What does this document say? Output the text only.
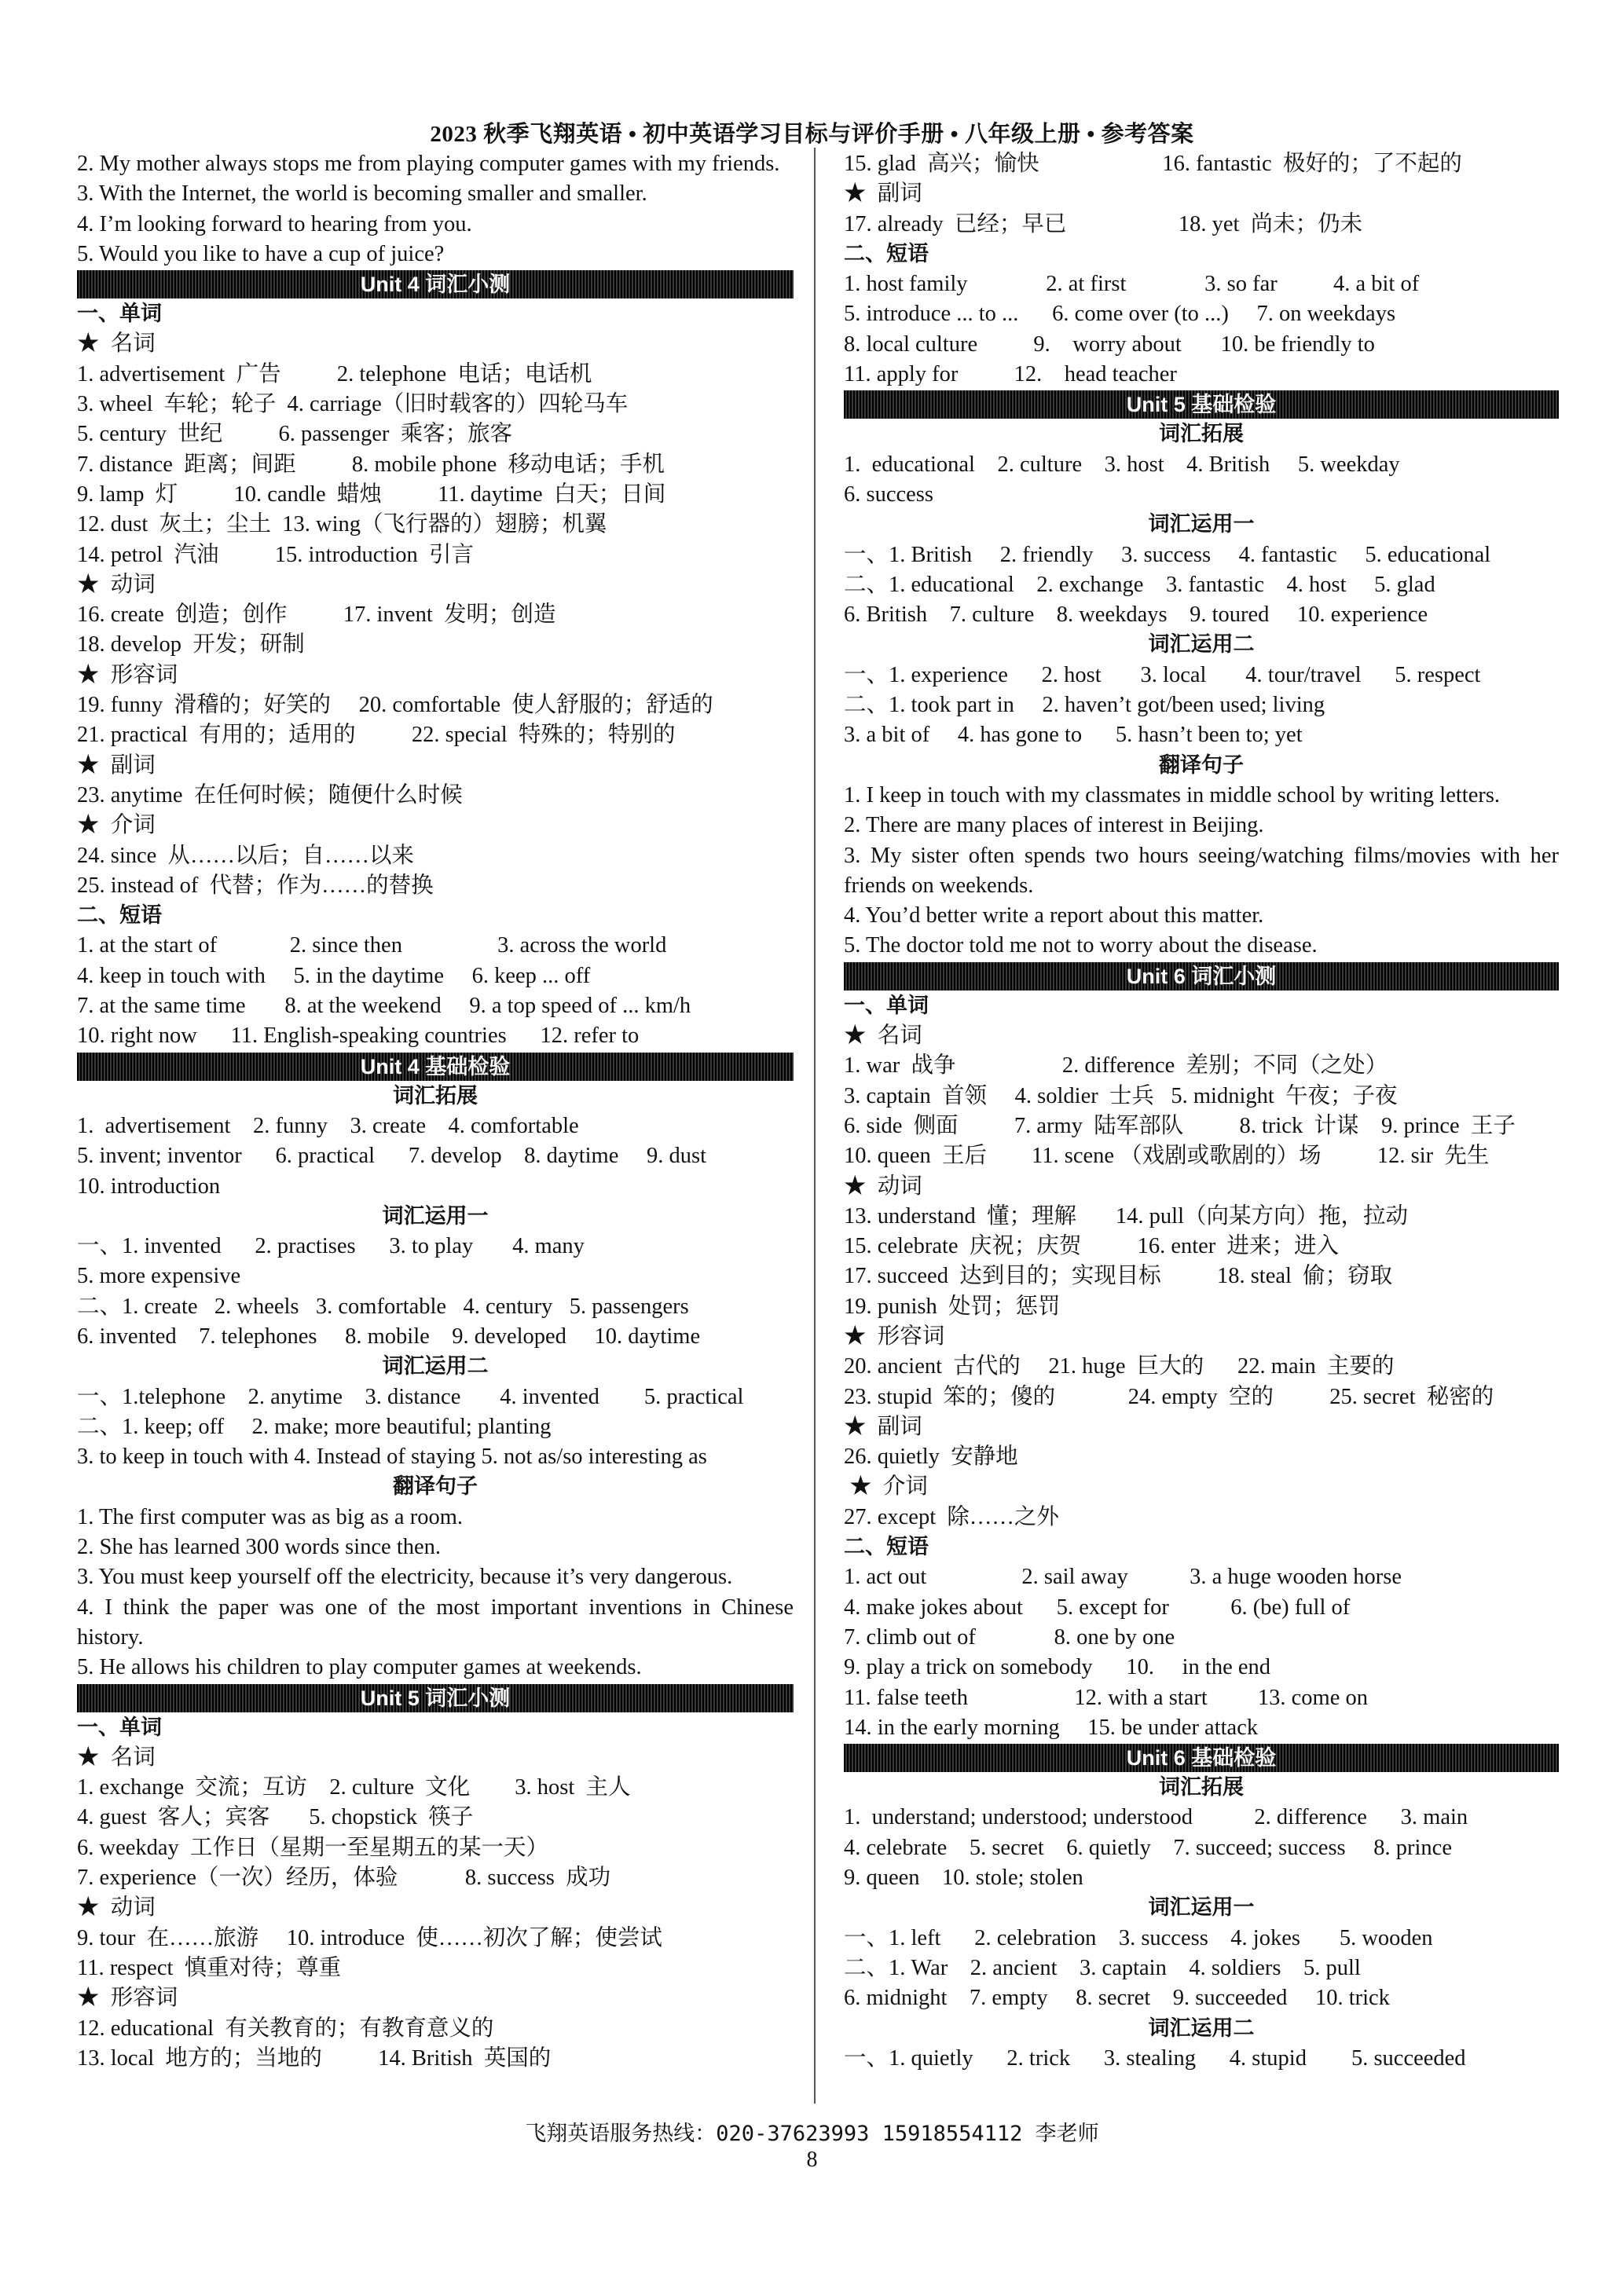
2023 秋季飞翔英语 • 初中英语学习目标与评价手册 • 八年级上册 • 参考答案
2. My mother always stops me from playing computer games with my friends.
3. With the Internet, the world is becoming smaller and smaller.
4. I’m looking forward to hearing from you.
5. Would you like to have a cup of juice?
Unit 4 词汇小测
一、单词
★  名词
1. advertisement  广告          2. telephone  电话；电话机
3. wheel  车轮；轮子  4. carriage（旧时载客的）四轮马车
5. century  世纪          6. passenger  乘客；旅客
7. distance  距离；间距          8. mobile phone  移动电话；手机
9. lamp  灯          10. candle  蜡烛          11. daytime  白天；日间
12. dust  灰土；尘土  13. wing（飞行器的）翅膀；机翼
14. petrol  汽油          15. introduction  引言
★  动词
16. create  创造；创作          17. invent  发明；创造
18. develop  开发；研制
★  形容词
19. funny  滑稽的；好笑的     20. comfortable  使人舒服的；舒适的
21. practical  有用的；适用的          22. special  特殊的；特别的
★  副词
23. anytime  在任何时候；随便什么时候
★  介词
24. since  从……以后；自……以来
25. instead of  代替；作为……的替换
二、短语
1. at the start of             2. since then                 3. across the world
4. keep in touch with     5. in the daytime     6. keep ... off
7. at the same time       8. at the weekend     9. a top speed of ... km/h
10. right now      11. English-speaking countries      12. refer to
Unit 4 基础检验
词汇拓展
1.  advertisement    2. funny    3. create    4. comfortable
5. invent; inventor      6. practical      7. develop    8. daytime     9. dust
10. introduction
词汇运用一
一、1. invented      2. practises      3. to play       4. many
5. more expensive
二、1. create   2. wheels   3. comfortable   4. century   5. passengers
6. invented    7. telephones     8. mobile    9. developed     10. daytime
词汇运用二
一、1.telephone    2. anytime    3. distance       4. invented        5. practical
二、1. keep; off     2. make; more beautiful; planting
3. to keep in touch with 4. Instead of staying 5. not as/so interesting as
翻译句子
1. The first computer was as big as a room.
2. She has learned 300 words since then.
3. You must keep yourself off the electricity, because it’s very dangerous.
4. I think the paper was one of the most important inventions in Chinese history.
5. He allows his children to play computer games at weekends.
Unit 5 词汇小测
一、单词
★  名词
1. exchange  交流；互访    2. culture  文化        3. host  主人
4. guest  客人；宾客       5. chopstick  筷子
6. weekday  工作日（星期一至星期五的某一天）
7. experience（一次）经历，体验            8. success  成功
★  动词
9. tour  在……旅游     10. introduce  使……初次了解；使尝试
11. respect  慎重对待；尊重
★  形容词
12. educational  有关教育的；有教育意义的
13. local  地方的；当地的          14. British  英国的
15. glad  高兴；愉快                      16. fantastic  极好的；了不起的
★  副词
17. already  已经；早已                    18. yet  尚未；仍未
二、短语
1. host family              2. at first              3. so far          4. a bit of
5. introduce ... to ...      6. come over (to ...)     7. on weekdays
8. local culture          9.    worry about       10. be friendly to
11. apply for          12.    head teacher
Unit 5 基础检验
词汇拓展
1.  educational    2. culture    3. host    4. British     5. weekday
6. success
词汇运用一
一、1. British     2. friendly     3. success     4. fantastic     5. educational
二、1. educational    2. exchange    3. fantastic    4. host     5. glad
6. British    7. culture    8. weekdays    9. toured     10. experience
词汇运用二
一、1. experience      2. host       3. local       4. tour/travel      5. respect
二、1. took part in     2. haven’t got/been used; living
3. a bit of     4. has gone to      5. hasn’t been to; yet
翻译句子
1. I keep in touch with my classmates in middle school by writing letters.
2. There are many places of interest in Beijing.
3. My sister often spends two hours seeing/watching films/movies with her friends on weekends.
4. You’d better write a report about this matter.
5. The doctor told me not to worry about the disease.
Unit 6 词汇小测
一、单词
★  名词
1. war  战争                   2. difference  差别；不同（之处）
3. captain  首领     4. soldier  士兵   5. midnight  午夜；子夜
6. side  侧面          7. army  陆军部队          8. trick  计谋    9. prince  王子
10. queen  王后        11. scene （戏剧或歌剧的）场          12. sir  先生
★  动词
13. understand  懂；理解       14. pull（向某方向）拖，拉动
15. celebrate  庆祝；庆贺          16. enter  进来；进入
17. succeed  达到目的；实现目标          18. steal  偷；窃取
19. punish  处罚；惩罚
★  形容词
20. ancient  古代的     21. huge  巨大的      22. main  主要的
23. stupid  笨的；傻的             24. empty  空的          25. secret  秘密的
★  副词
26. quietly  安静地
★  介词
27. except  除……之外
二、短语
1. act out                 2. sail away           3. a huge wooden horse
4. make jokes about      5. except for           6. (be) full of
7. climb out of              8. one by one
9. play a trick on somebody      10.     in the end
11. false teeth                   12. with a start         13. come on
14. in the early morning     15. be under attack
Unit 6 基础检验
词汇拓展
1.  understand; understood; understood           2. difference      3. main
4. celebrate    5. secret    6. quietly    7. succeed; success     8. prince
9. queen    10. stole; stolen
词汇运用一
一、1. left      2. celebration    3. success    4. jokes       5. wooden
二、1. War    2. ancient    3. captain    4. soldiers    5. pull
6. midnight    7. empty     8. secret    9. succeeded     10. trick
词汇运用二
一、1. quietly      2. trick      3. stealing      4. stupid        5. succeeded
飞翔英语服务热线：020-37623993 15918554112 李老师
8
